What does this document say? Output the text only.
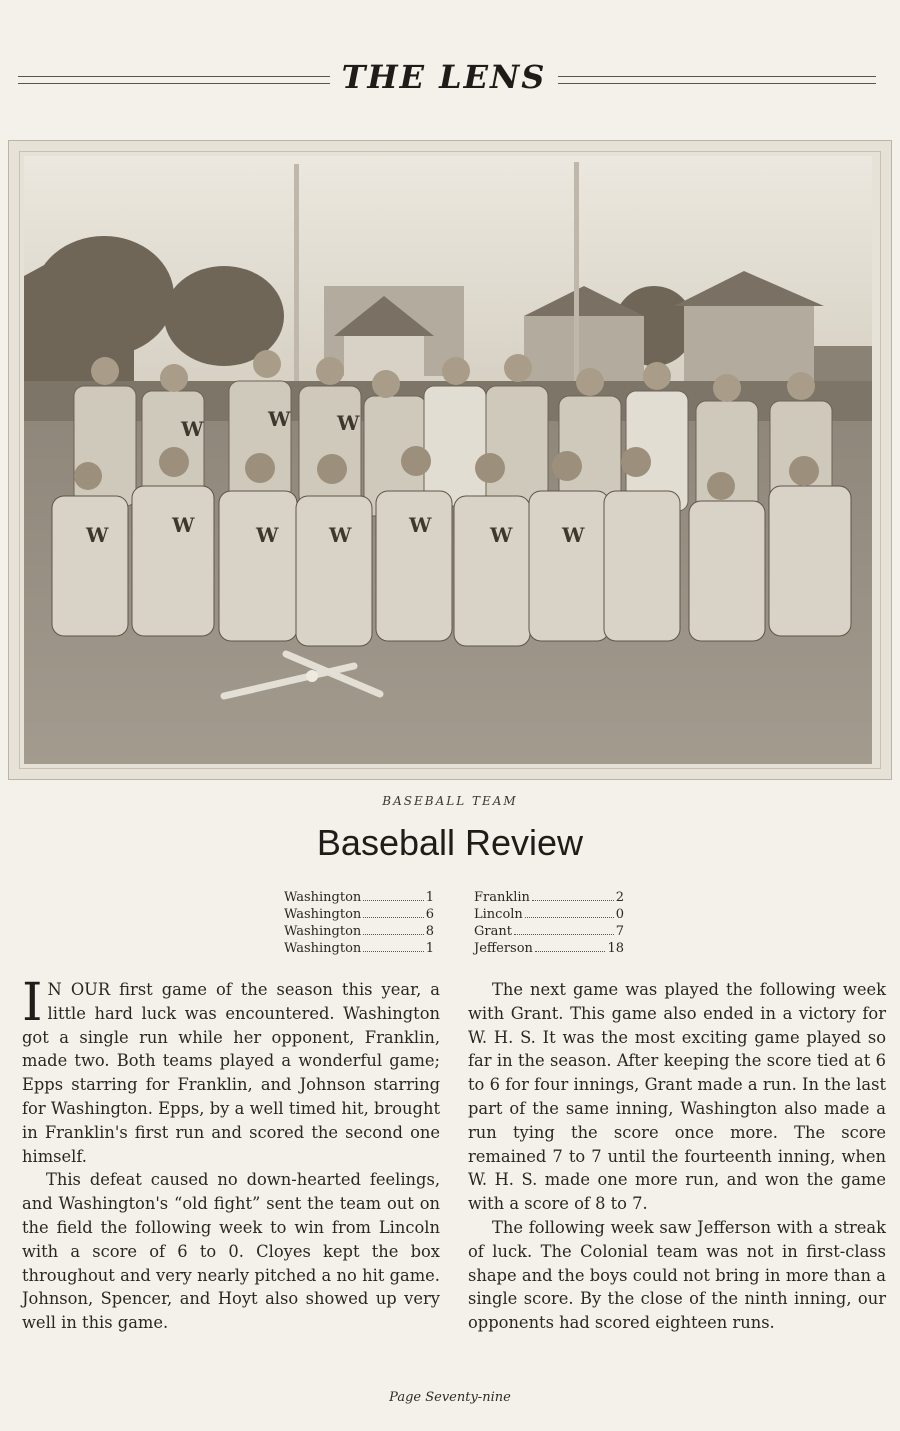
THE LENS
W	W	W	W	W	W W
W	W W
BASEBALL TEAM
Baseball Review
Washington	1
Washington	6
Washington	8
Washington	1
Franklin	2
Lincoln	0
Grant	7
Jefferson	18

I N OUR first game of the season this year, a little hard luck was encountered. Washington got a single run while her opponent, Franklin, made two. Both teams played a wonderful game; Epps starring for Franklin, and Johnson starring for Washington. Epps, by a well timed hit, brought in Franklin's first run and scored the second one himself.

This defeat caused no down-hearted feelings, and Washington's “old fight” sent the team out on the field the following week to win from Lincoln with a score of 6 to 0. Cloyes kept the box throughout and very nearly pitched a no hit game. Johnson, Spencer, and Hoyt also showed up very well in this game.

The next game was played the following week with Grant. This game also ended in a victory for W. H. S. It was the most exciting game played so far in the season. After keeping the score tied at 6 to 6 for four innings, Grant made a run. In the last part of the same inning, Washington also made a run tying the score once more. The score remained 7 to 7 until the fourteenth inning, when W. H. S. made one more run, and won the game with a score of 8 to 7.

The following week saw Jefferson with a streak of luck. The Colonial team was not in first-class shape and the boys could not bring in more than a single score. By the close of the ninth inning, our opponents had scored eighteen runs.

Page Seventy-nine
